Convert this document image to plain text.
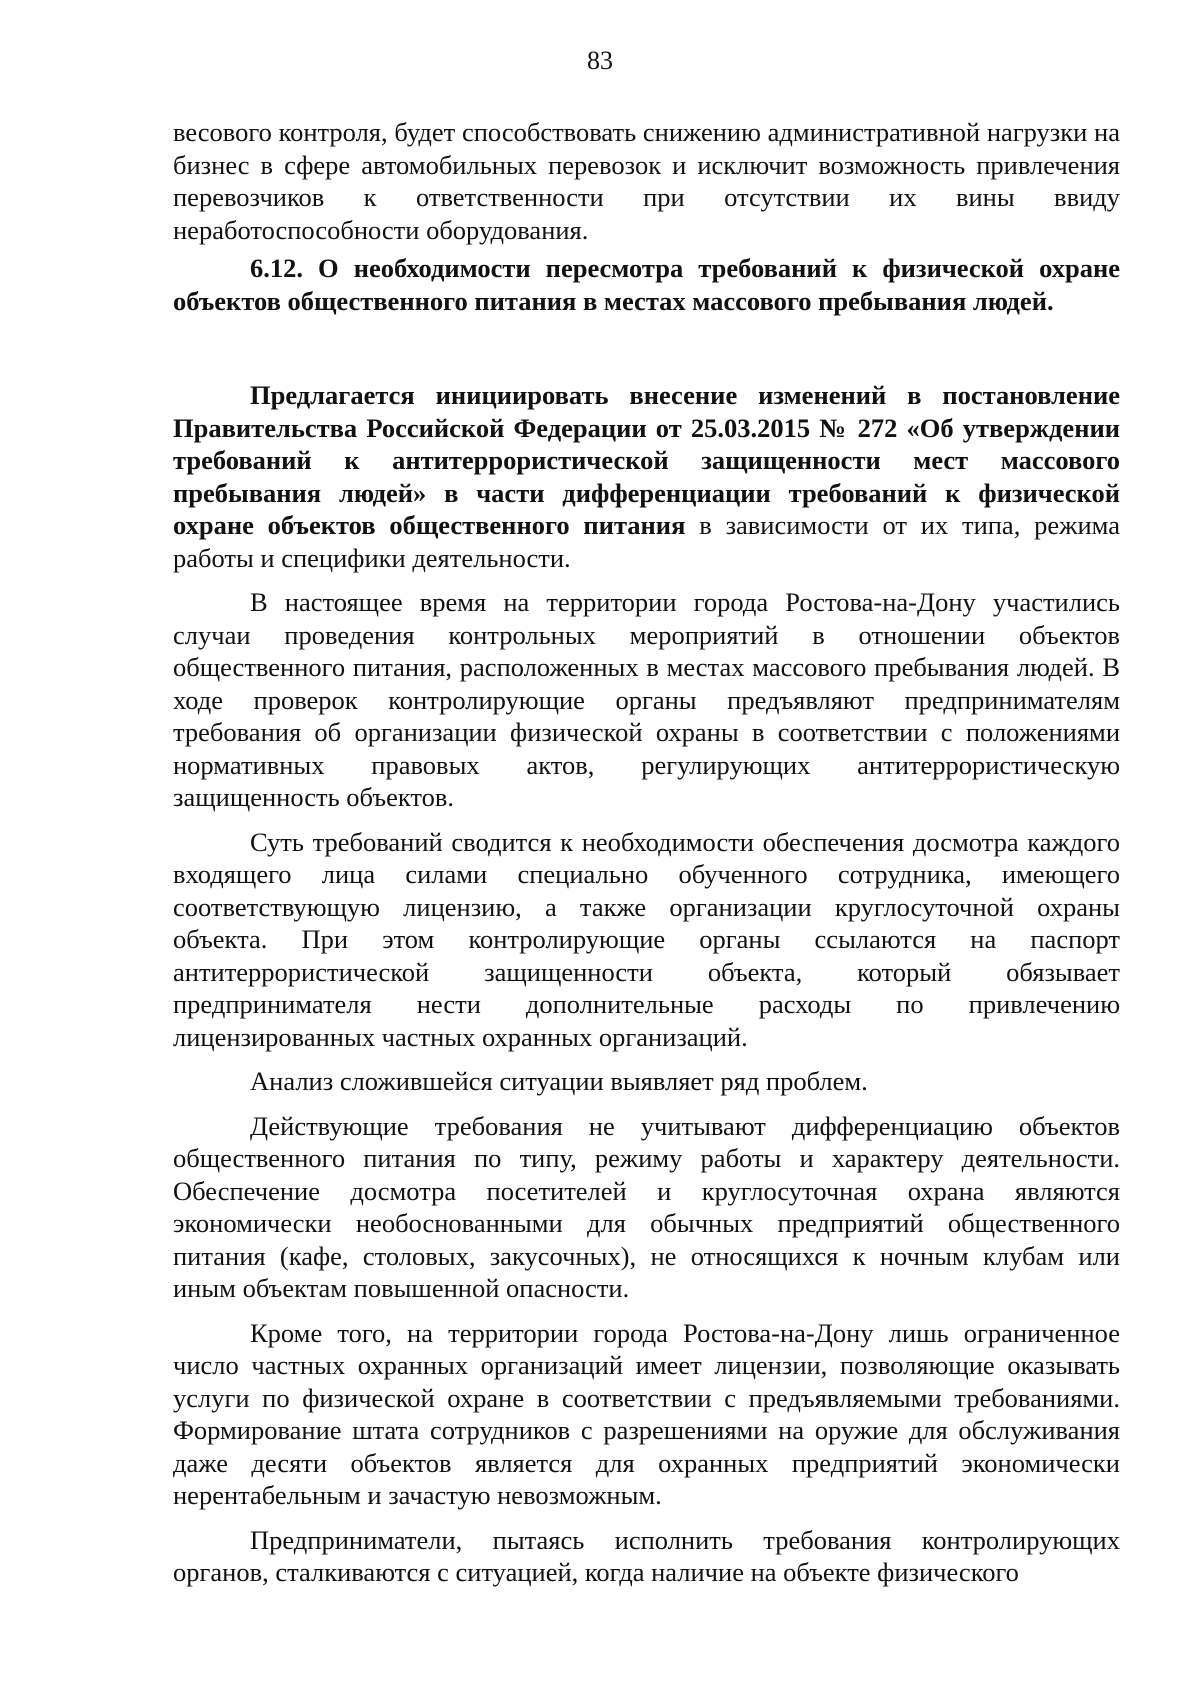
83

весового контроля, будет способствовать снижению административной нагрузки на бизнес в сфере автомобильных перевозок и исключит возможность привлечения перевозчиков к ответственности при отсутствии их вины ввиду неработоспособности оборудования.

6.12. О необходимости пересмотра требований к физической охране объектов общественного питания в местах массового пребывания людей.

Предлагается инициировать внесение изменений в постановление Правительства Российской Федерации от 25.03.2015 № 272 «Об утверждении требований к антитеррористической защищенности мест массового пребывания людей» в части дифференциации требований к физической охране объектов общественного питания в зависимости от их типа, режима работы и специфики деятельности.

В настоящее время на территории города Ростова-на-Дону участились случаи проведения контрольных мероприятий в отношении объектов общественного питания, расположенных в местах массового пребывания людей. В ходе проверок контролирующие органы предъявляют предпринимателям требования об организации физической охраны в соответствии с положениями нормативных правовых актов, регулирующих антитеррористическую защищенность объектов.

Суть требований сводится к необходимости обеспечения досмотра каждого входящего лица силами специально обученного сотрудника, имеющего соответствующую лицензию, а также организации круглосуточной охраны объекта. При этом контролирующие органы ссылаются на паспорт антитеррористической защищенности объекта, который обязывает предпринимателя нести дополнительные расходы по привлечению лицензированных частных охранных организаций.

Анализ сложившейся ситуации выявляет ряд проблем.

Действующие требования не учитывают дифференциацию объектов общественного питания по типу, режиму работы и характеру деятельности. Обеспечение досмотра посетителей и круглосуточная охрана являются экономически необоснованными для обычных предприятий общественного питания (кафе, столовых, закусочных), не относящихся к ночным клубам или иным объектам повышенной опасности.

Кроме того, на территории города Ростова-на-Дону лишь ограниченное число частных охранных организаций имеет лицензии, позволяющие оказывать услуги по физической охране в соответствии с предъявляемыми требованиями. Формирование штата сотрудников с разрешениями на оружие для обслуживания даже десяти объектов является для охранных предприятий экономически нерентабельным и зачастую невозможным.

Предприниматели, пытаясь исполнить требования контролирующих органов, сталкиваются с ситуацией, когда наличие на объекте физического
